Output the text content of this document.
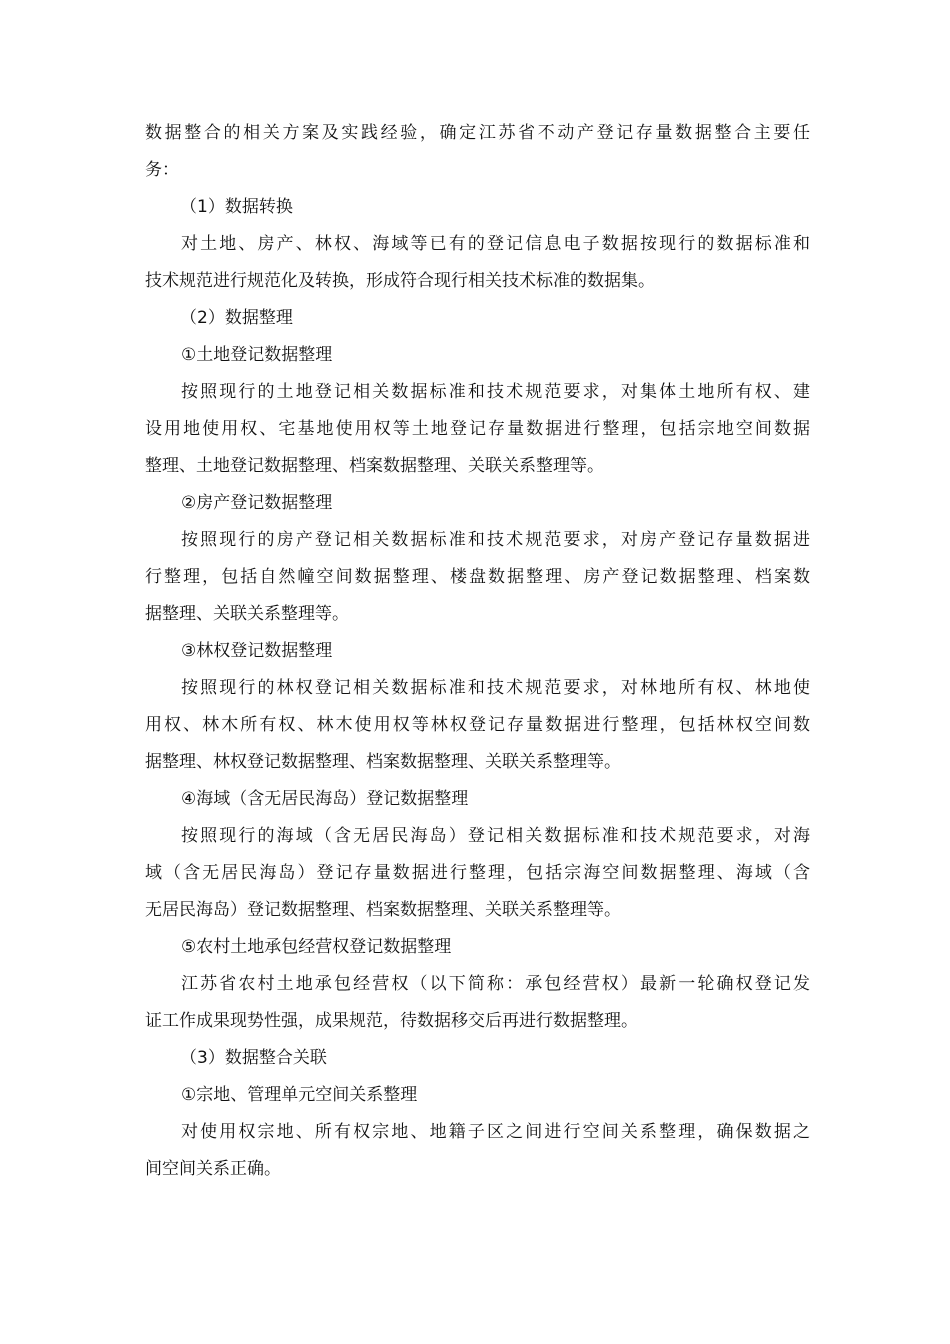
数据整合的相关方案及实践经验，确定江苏省不动产登记存量数据整合主要任
务：
（1）数据转换
对土地、房产、林权、海域等已有的登记信息电子数据按现行的数据标准和
技术规范进行规范化及转换，形成符合现行相关技术标准的数据集。
（2）数据整理
①土地登记数据整理
按照现行的土地登记相关数据标准和技术规范要求，对集体土地所有权、建
设用地使用权、宅基地使用权等土地登记存量数据进行整理，包括宗地空间数据
整理、土地登记数据整理、档案数据整理、关联关系整理等。
②房产登记数据整理
按照现行的房产登记相关数据标准和技术规范要求，对房产登记存量数据进
行整理，包括自然幢空间数据整理、楼盘数据整理、房产登记数据整理、档案数
据整理、关联关系整理等。
③林权登记数据整理
按照现行的林权登记相关数据标准和技术规范要求，对林地所有权、林地使
用权、林木所有权、林木使用权等林权登记存量数据进行整理，包括林权空间数
据整理、林权登记数据整理、档案数据整理、关联关系整理等。
④海域（含无居民海岛）登记数据整理
按照现行的海域（含无居民海岛）登记相关数据标准和技术规范要求，对海
域（含无居民海岛）登记存量数据进行整理，包括宗海空间数据整理、海域（含
无居民海岛）登记数据整理、档案数据整理、关联关系整理等。
⑤农村土地承包经营权登记数据整理
江苏省农村土地承包经营权（以下简称：承包经营权）最新一轮确权登记发
证工作成果现势性强，成果规范，待数据移交后再进行数据整理。
（3）数据整合关联
①宗地、管理单元空间关系整理
对使用权宗地、所有权宗地、地籍子区之间进行空间关系整理，确保数据之
间空间关系正确。
